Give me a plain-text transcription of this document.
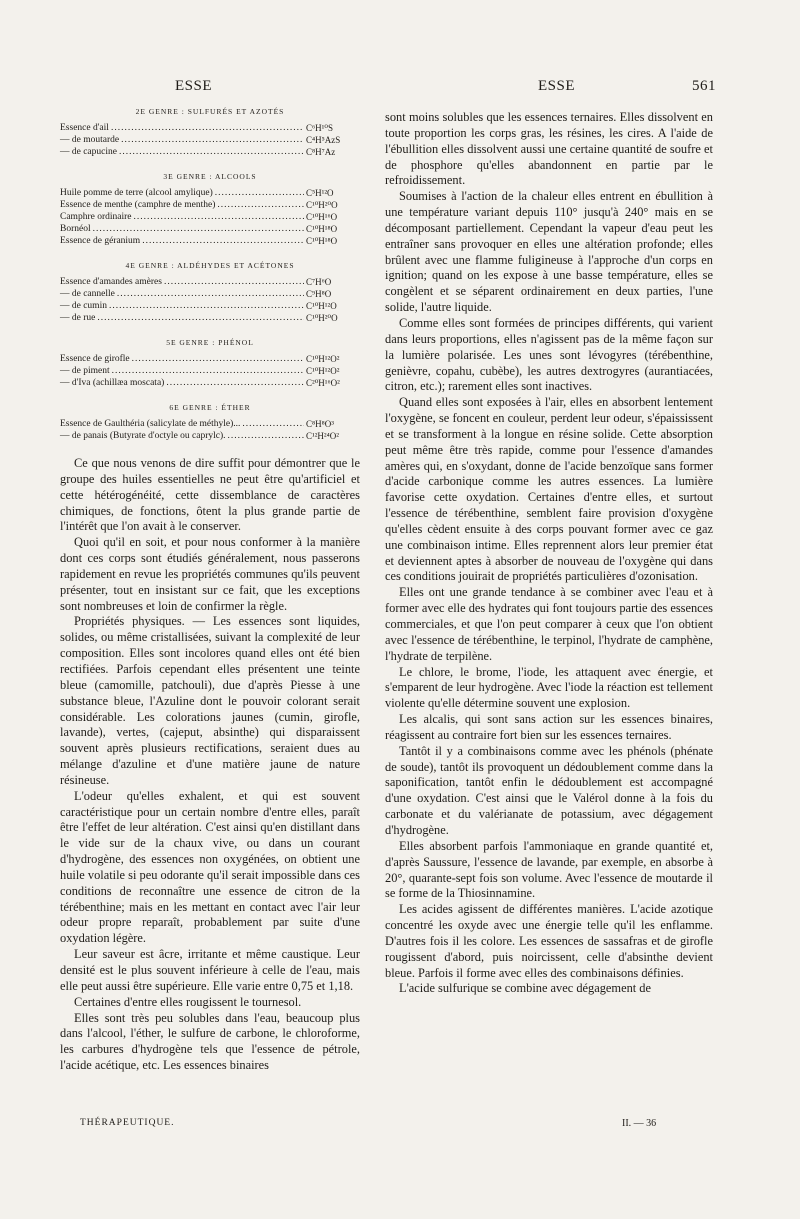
ESSE	ESSE	561
2E GENRE : SULFURÉS ET AZOTÉS
Essence d'ail .....	C⁶H¹⁰S
— de moutarde .....	C⁴H⁵AzS
— de capucine .....	C⁸H⁷Az
3E GENRE : ALCOOLS
Huile pomme de terre (alcool amylique) .....	C⁵H¹²O
Essence de menthe (camphre de menthe) .....	C¹⁰H²⁰O
Camphre ordinaire .....	C¹⁰H¹⁶O
Bornéol .....	C¹⁰H¹⁸O
Essence de géranium .....	C¹⁰H¹⁸O
4E GENRE : ALDÉHYDES ET ACÉTONES
Essence d'amandes amères .....	C⁷H⁶O
— de cannelle .....	C⁹H⁸O
— de cumin .....	C¹⁰H¹²O
— de rue .....	C¹⁰H²⁰O
5E GENRE : PHÉNOL
Essence de girofle .....	C¹⁰H¹²O²
— de piment .....	C¹⁰H¹²O²
— d'Iva (achillæa moscata) .....	C²⁰H¹⁶O²
6E GENRE : ÉTHER
Essence de Gaulthéria (salicylate de méthyle)... .....	C⁸H⁸O³
— de panais (Butyrate d'octyle ou caprylc). .....	C¹²H²⁴O²

Ce que nous venons de dire suffit pour démontrer que le groupe des huiles essentielles ne peut être qu'artificiel et cette hétérogénéité, cette dissemblance de caractères chimiques, de fonctions, ôtent la plus grande partie de l'intérêt que l'on avait à le conserver.

Quoi qu'il en soit, et pour nous conformer à la manière dont ces corps sont étudiés généralement, nous passerons rapidement en revue les propriétés communes qu'ils peuvent présenter, tout en insistant sur ce fait, que les exceptions sont nombreuses et loin de confirmer la règle.

Propriétés physiques. — Les essences sont liquides, solides, ou même cristallisées, suivant la complexité de leur composition. Elles sont incolores quand elles ont été bien rectifiées. Parfois cependant elles présentent une teinte bleue (camomille, patchouli), due d'après Piesse à une substance bleue, l'Azuline dont le pouvoir colorant serait considérable. Les colorations jaunes (cumin, girofle, lavande), vertes, (cajeput, absinthe) qui disparaissent souvent après plusieurs rectifications, seraient dues au mélange d'azuline et d'une matière jaune de nature résineuse.

L'odeur qu'elles exhalent, et qui est souvent caractéristique pour un certain nombre d'entre elles, paraît être l'effet de leur altération. C'est ainsi qu'en distillant dans le vide sur de la chaux vive, ou dans un courant d'hydrogène, des essences non oxygénées, on obtient une huile volatile si peu odorante qu'il serait impossible dans ces conditions de reconnaître une essence de citron de la térébenthine; mais en les mettant en contact avec l'air leur odeur propre reparaît, probablement par suite d'une oxydation légère.

Leur saveur est âcre, irritante et même caustique. Leur densité est le plus souvent inférieure à celle de l'eau, mais elle peut aussi être supérieure. Elle varie entre 0,75 et 1,18.

Certaines d'entre elles rougissent le tournesol.

Elles sont très peu solubles dans l'eau, beaucoup plus dans l'alcool, l'éther, le sulfure de carbone, le chloroforme, les carbures d'hydrogène tels que l'essence de pétrole, l'acide acétique, etc. Les essences binaires

sont moins solubles que les essences ternaires. Elles dissolvent en toute proportion les corps gras, les résines, les cires. A l'aide de l'ébullition elles dissolvent aussi une certaine quantité de soufre et de phosphore qu'elles abandonnent en partie par le refroidissement.

Soumises à l'action de la chaleur elles entrent en ébullition à une température variant depuis 110° jusqu'à 240° mais en se décomposant partiellement. Cependant la vapeur d'eau peut les entraîner sans provoquer en elles une altération profonde; elles brûlent avec une flamme fuligineuse à l'approche d'un corps en ignition; quand on les expose à une basse température, elles se congèlent et se séparent ordinairement en deux parties, l'une solide, l'autre liquide.

Comme elles sont formées de principes différents, qui varient dans leurs proportions, elles n'agissent pas de la même façon sur la lumière polarisée. Les unes sont lévogyres (térébenthine, genièvre, copahu, cubèbe), les autres dextrogyres (aurantiacées, citron, etc.); rarement elles sont inactives.

Quand elles sont exposées à l'air, elles en absorbent lentement l'oxygène, se foncent en couleur, perdent leur odeur, s'épaississent et se transforment à la longue en résine solide. Cette absorption peut même être très rapide, comme pour l'essence d'amandes amères qui, en s'oxydant, donne de l'acide benzoïque sans former d'acide carbonique comme les autres essences. La lumière favorise cette oxydation. Certaines d'entre elles, et surtout l'essence de térébenthine, semblent faire provision d'oxygène qu'elles cèdent ensuite à des corps pouvant former avec ce gaz une combinaison intime. Elles reprennent alors leur premier état et deviennent aptes à absorber de nouveau de l'oxygène qui dans ces conditions jouirait de propriétés particulières d'ozonisation.

Elles ont une grande tendance à se combiner avec l'eau et à former avec elle des hydrates qui font toujours partie des essences commerciales, et que l'on peut comparer à ceux que l'on obtient avec l'essence de térébenthine, le terpinol, l'hydrate de camphène, l'hydrate de terpilène.

Le chlore, le brome, l'iode, les attaquent avec énergie, et s'emparent de leur hydrogène. Avec l'iode la réaction est tellement violente qu'elle détermine souvent une explosion.

Les alcalis, qui sont sans action sur les essences binaires, réagissent au contraire fort bien sur les essences ternaires.

Tantôt il y a combinaisons comme avec les phénols (phénate de soude), tantôt ils provoquent un dédoublement comme dans la saponification, tantôt enfin le dédoublement est accompagné d'une oxydation. C'est ainsi que le Valérol donne à la fois du carbonate et du valérianate de potassium, avec dégagement d'hydrogène.

Elles absorbent parfois l'ammoniaque en grande quantité et, d'après Saussure, l'essence de lavande, par exemple, en absorbe à 20°, quarante-sept fois son volume. Avec l'essence de moutarde il se forme de la Thiosinnamine.

Les acides agissent de différentes manières. L'acide azotique concentré les oxyde avec une énergie telle qu'il les enflamme. D'autres fois il les colore. Les essences de sassafras et de girofle rougissent d'abord, puis noircissent, celle d'absinthe devient bleue. Parfois il forme avec elles des combinaisons définies.

L'acide sulfurique se combine avec dégagement de

THÉRAPEUTIQUE.	II. — 36
